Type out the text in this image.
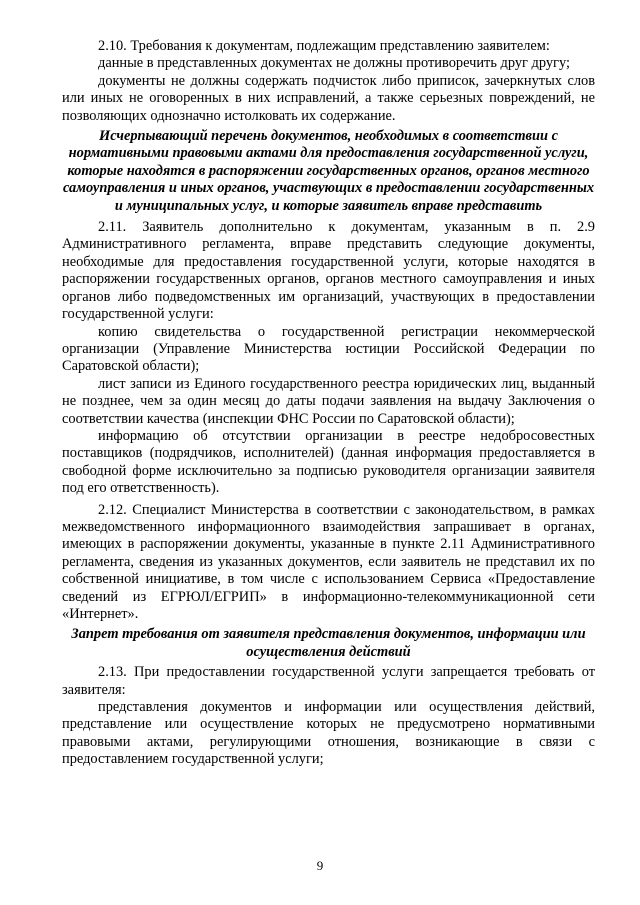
2.10. Требования к документам, подлежащим представлению заявителем:

данные в представленных документах не должны противоречить друг другу;

документы не должны содержать подчисток либо приписок, зачеркнутых слов или иных не оговоренных в них исправлений, а также серьезных повреждений, не позволяющих однозначно истолковать их содержание.

Исчерпывающий перечень документов, необходимых в соответствии с нормативными правовыми актами для предоставления государственной услуги, которые находятся в распоряжении государственных органов, органов местного самоуправления и иных органов, участвующих в предоставлении государственных и муниципальных услуг, и которые заявитель вправе представить

2.11. Заявитель дополнительно к документам, указанным в п. 2.9 Административного регламента, вправе представить следующие документы, необходимые для предоставления государственной услуги, которые находятся в распоряжении государственных органов, органов местного самоуправления и иных органов либо подведомственных им организаций, участвующих в предоставлении государственной услуги:

копию свидетельства о государственной регистрации некоммерческой организации (Управление Министерства юстиции Российской Федерации по Саратовской области);

лист записи из Единого государственного реестра юридических лиц, выданный не позднее, чем за один месяц до даты подачи заявления на выдачу Заключения о соответствии качества (инспекции ФНС России по Саратовской области);

информацию об отсутствии организации в реестре недобросовестных поставщиков (подрядчиков, исполнителей) (данная информация предоставляется в свободной форме исключительно за подписью руководителя организации заявителя под его ответственность).

2.12. Специалист Министерства в соответствии с законодательством, в рамках межведомственного информационного взаимодействия запрашивает в органах, имеющих в распоряжении документы, указанные в пункте 2.11 Административного регламента, сведения из указанных документов, если заявитель не представил их по собственной инициативе, в том числе с использованием Сервиса «Предоставление сведений из ЕГРЮЛ/ЕГРИП» в информационно-телекоммуникационной сети «Интернет».

Запрет требования от заявителя представления документов, информации или осуществления действий

2.13. При предоставлении государственной услуги запрещается требовать от заявителя:

представления документов и информации или осуществления действий, представление или осуществление которых не предусмотрено нормативными правовыми актами, регулирующими отношения, возникающие в связи с предоставлением государственной услуги;

9
